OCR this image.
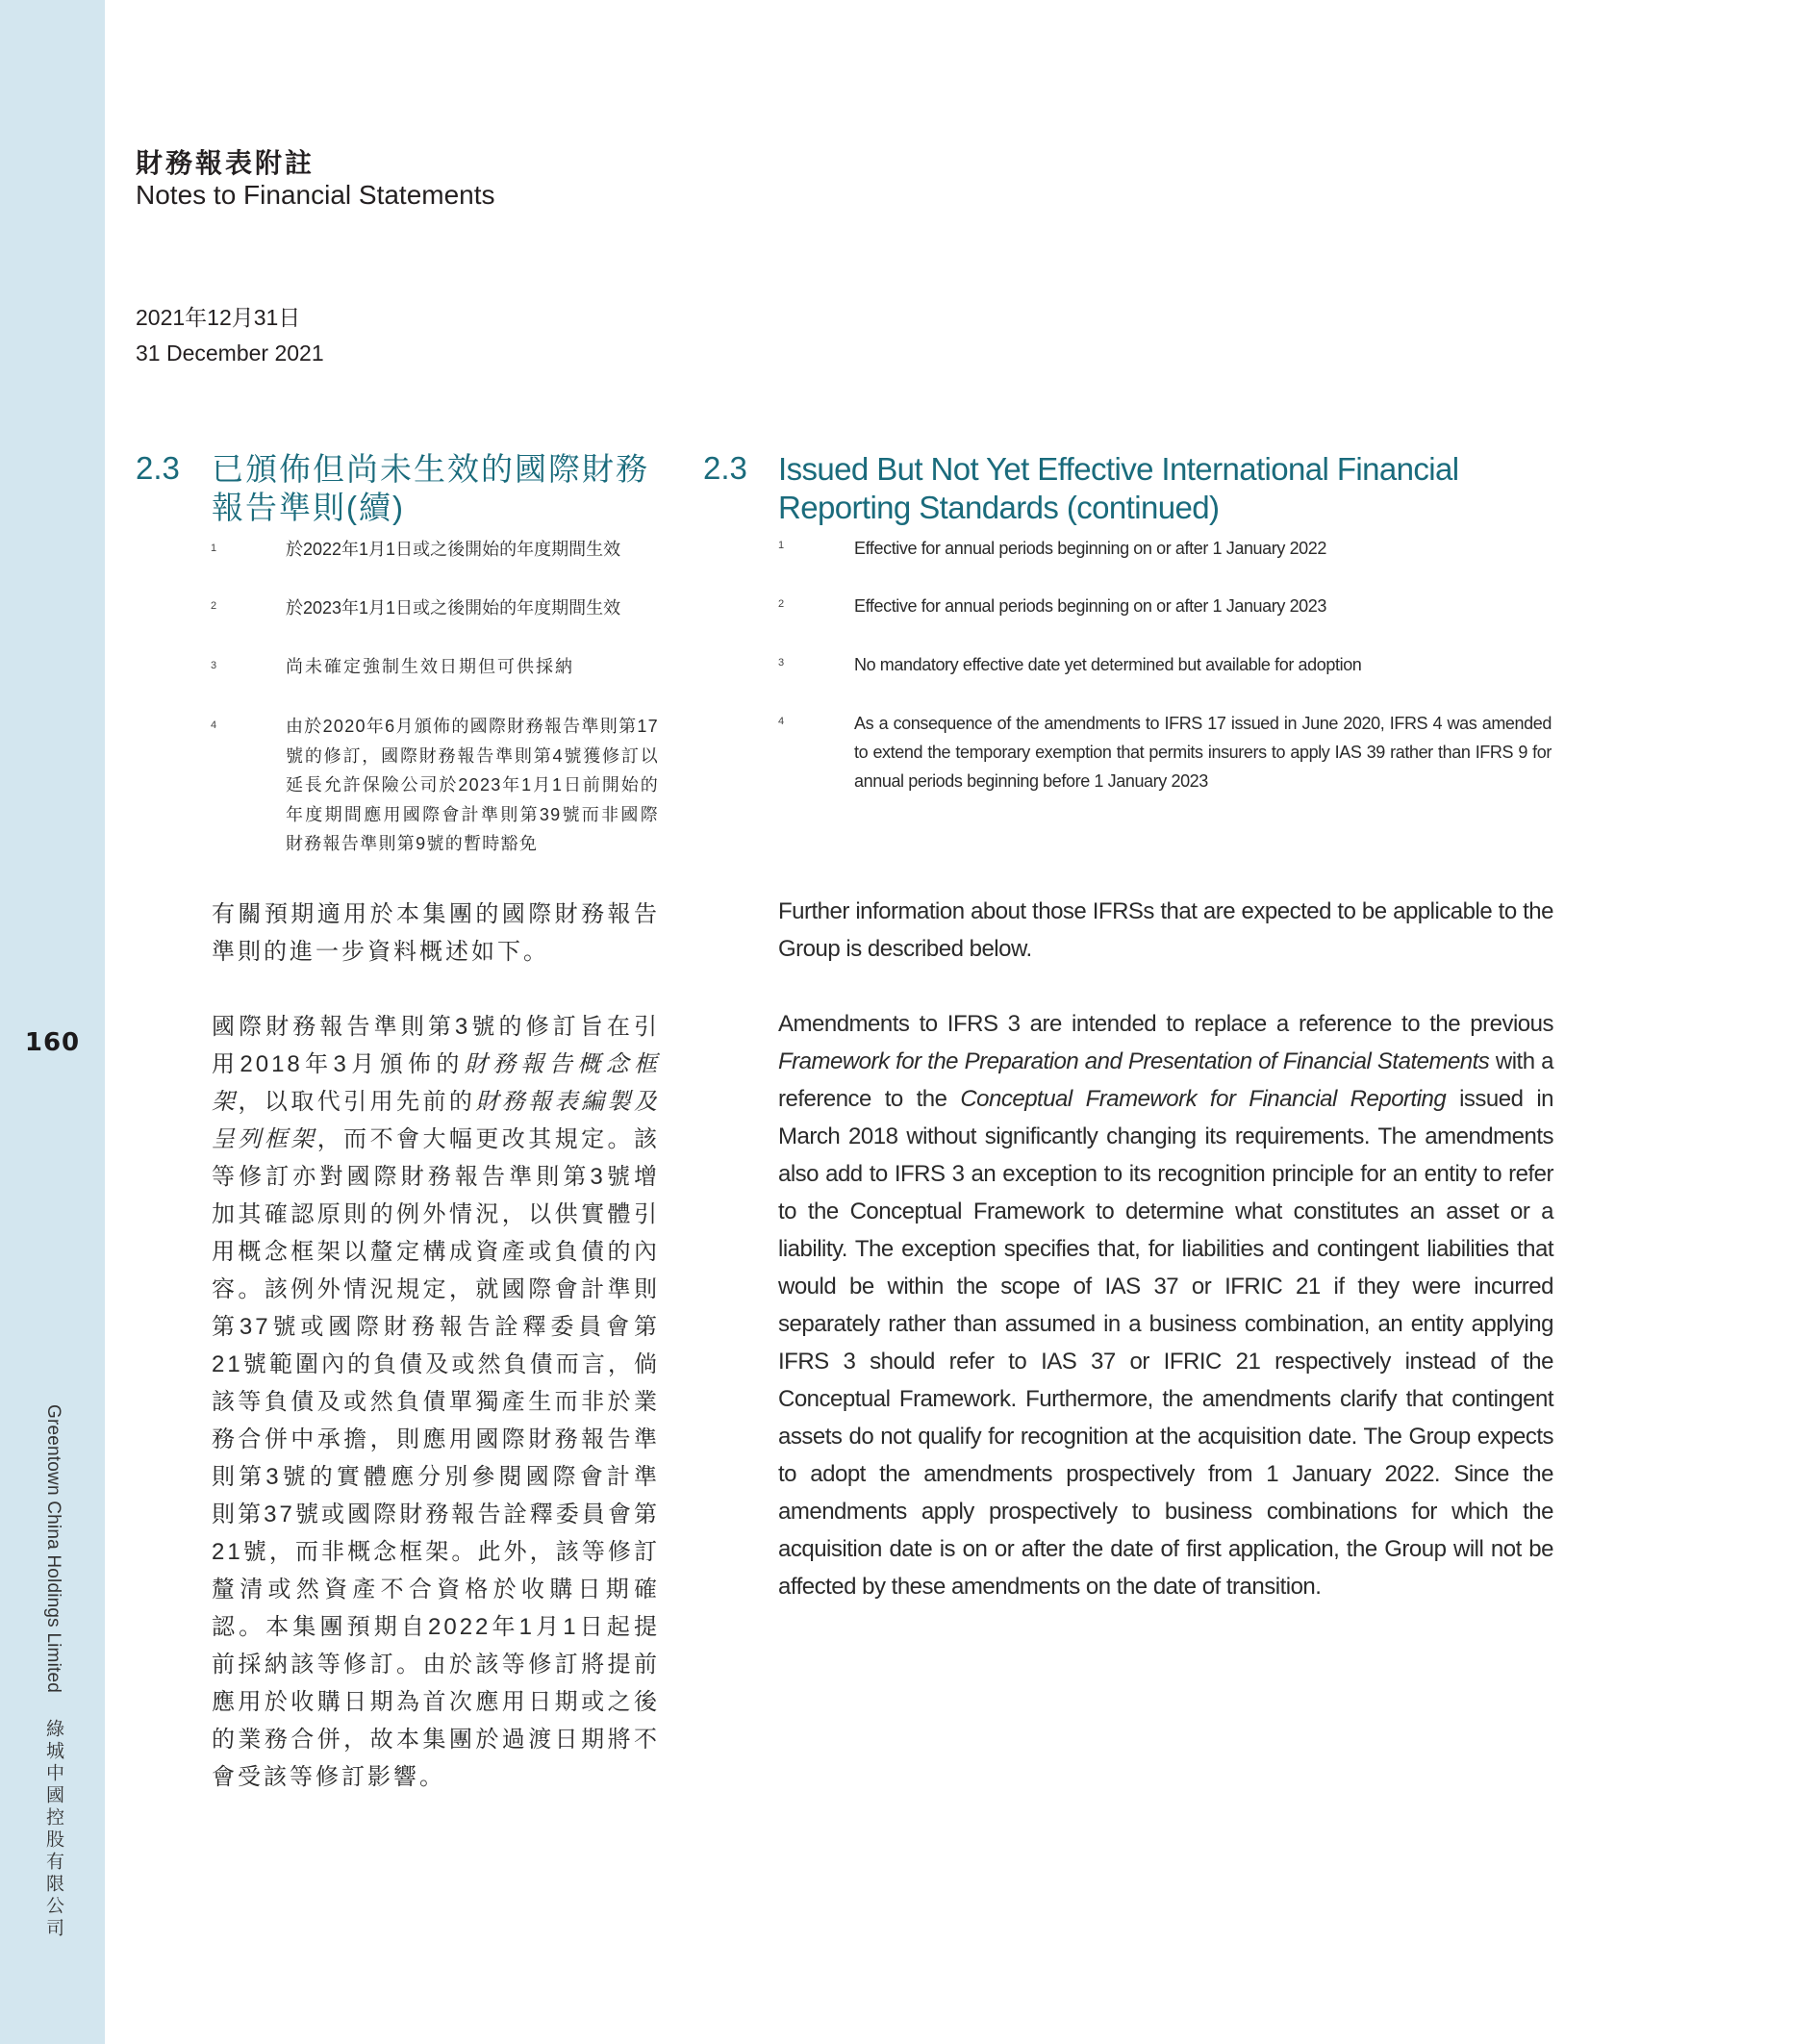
160
Greentown China Holdings Limited 綠城中國控股有限公司
財務報表附註
Notes to Financial Statements
2021年12月31日
31 December 2021
2.3 已頒佈但尚未生效的國際財務
報告準則(續)
1	於2022年1月1日或之後開始的年度期間生效
2	於2023年1月1日或之後開始的年度期間生效
3	尚未確定強制生效日期但可供採納
4	由於2020年6月頒佈的國際財務報告準則第17號的修訂，國際財務報告準則第4號獲修訂以延長允許保險公司於2023年1月1日前開始的年度期間應用國際會計準則第39號而非國際財務報告準則第9號的暫時豁免
有關預期適用於本集團的國際財務報告準則的進一步資料概述如下。
國際財務報告準則第3號的修訂旨在引用2018年3月頒佈的財務報告概念框架，以取代引用先前的財務報表編製及呈列框架，而不會大幅更改其規定。該等修訂亦對國際財務報告準則第3號增加其確認原則的例外情況，以供實體引用概念框架以釐定構成資產或負債的內容。該例外情況規定，就國際會計準則第37號或國際財務報告詮釋委員會第21號範圍內的負債及或然負債而言，倘該等負債及或然負債單獨產生而非於業務合併中承擔，則應用國際財務報告準則第3號的實體應分別參閱國際會計準則第37號或國際財務報告詮釋委員會第21號，而非概念框架。此外，該等修訂釐清或然資產不合資格於收購日期確認。本集團預期自2022年1月1日起提前採納該等修訂。由於該等修訂將提前應用於收購日期為首次應用日期或之後的業務合併，故本集團於過渡日期將不會受該等修訂影響。
2.3 Issued But Not Yet Effective International Financial
Reporting Standards (continued)
1	Effective for annual periods beginning on or after 1 January 2022
2	Effective for annual periods beginning on or after 1 January 2023
3	No mandatory effective date yet determined but available for adoption
4	As a consequence of the amendments to IFRS 17 issued in June 2020, IFRS 4 was amended to extend the temporary exemption that permits insurers to apply IAS 39 rather than IFRS 9 for annual periods beginning before 1 January 2023
Further information about those IFRSs that are expected to be applicable to the Group is described below.
Amendments to IFRS 3 are intended to replace a reference to the previous Framework for the Preparation and Presentation of Financial Statements with a reference to the Conceptual Framework for Financial Reporting issued in March 2018 without significantly changing its requirements. The amendments also add to IFRS 3 an exception to its recognition principle for an entity to refer to the Conceptual Framework to determine what constitutes an asset or a liability. The exception specifies that, for liabilities and contingent liabilities that would be within the scope of IAS 37 or IFRIC 21 if they were incurred separately rather than assumed in a business combination, an entity applying IFRS 3 should refer to IAS 37 or IFRIC 21 respectively instead of the Conceptual Framework. Furthermore, the amendments clarify that contingent assets do not qualify for recognition at the acquisition date. The Group expects to adopt the amendments prospectively from 1 January 2022. Since the amendments apply prospectively to business combinations for which the acquisition date is on or after the date of first application, the Group will not be affected by these amendments on the date of transition.
